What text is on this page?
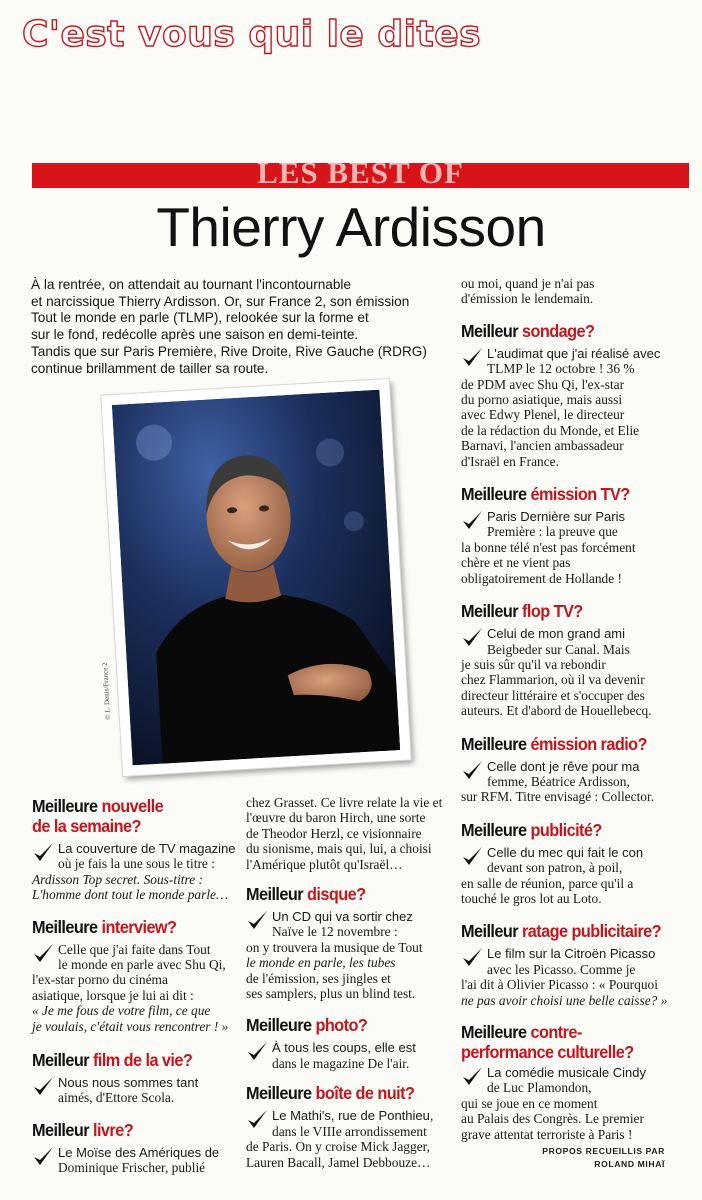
C'est vous qui le dites
LES BEST OF
Thierry Ardisson
À la rentrée, on attendait au tournant l'incontournable
et narcissique Thierry Ardisson. Or, sur France 2, son émission
Tout le monde en parle (TLMP), relookée sur la forme et
sur le fond, redécolle après une saison en demi-teinte.
Tandis que sur Paris Première, Rive Droite, Rive Gauche (RDRG)
continue brillamment de tailler sa route.
© L. Denis/France 2
Meilleure nouvelle
de la semaine?
La couverture de TV magazine
où je fais la une sous le titre :
Ardisson Top secret. Sous-titre :
L'homme dont tout le monde parle…
Meilleure interview?
Celle que j'ai faite dans Tout
le monde en parle avec Shu Qi,
l'ex-star porno du cinéma
asiatique, lorsque je lui ai dit :
« Je me fous de votre film, ce que
je voulais, c'était vous rencontrer ! »
Meilleur film de la vie?
Nous nous sommes tant
aimés, d'Ettore Scola.
Meilleur livre?
Le Moïse des Amériques de
Dominique Frischer, publié
chez Grasset. Ce livre relate la vie et
l'œuvre du baron Hirch, une sorte
de Theodor Herzl, ce visionnaire
du sionisme, mais qui, lui, a choisi
l'Amérique plutôt qu'Israël…
Meilleur disque?
Un CD qui va sortir chez
Naïve le 12 novembre :
on y trouvera la musique de Tout
le monde en parle, les tubes
de l'émission, ses jingles et
ses samplers, plus un blind test.
Meilleure photo?
À tous les coups, elle est
dans le magazine De l'air.
Meilleure boîte de nuit?
Le Mathi's, rue de Ponthieu,
dans le VIIIe arrondissement
de Paris. On y croise Mick Jagger,
Lauren Bacall, Jamel Debbouze…
ou moi, quand je n'ai pas
d'émission le lendemain.
Meilleur sondage?
L'audimat que j'ai réalisé avec
TLMP le 12 octobre ! 36 %
de PDM avec Shu Qi, l'ex-star
du porno asiatique, mais aussi
avec Edwy Plenel, le directeur
de la rédaction du Monde, et Elie
Barnavi, l'ancien ambassadeur
d'Israël en France.
Meilleure émission TV?
Paris Dernière sur Paris
Première : la preuve que
la bonne télé n'est pas forcément
chère et ne vient pas
obligatoirement de Hollande !
Meilleur flop TV?
Celui de mon grand ami
Beigbeder sur Canal. Mais
je suis sûr qu'il va rebondir
chez Flammarion, où il va devenir
directeur littéraire et s'occuper des
auteurs. Et d'abord de Houellebecq.
Meilleure émission radio?
Celle dont je rêve pour ma
femme, Béatrice Ardisson,
sur RFM. Titre envisagé : Collector.
Meilleure publicité?
Celle du mec qui fait le con
devant son patron, à poil,
en salle de réunion, parce qu'il a
touché le gros lot au Loto.
Meilleur ratage publicitaire?
Le film sur la Citroën Picasso
avec les Picasso. Comme je
l'ai dit à Olivier Picasso : « Pourquoi
ne pas avoir choisi une belle caisse? »
Meilleure contre-
performance culturelle?
La comédie musicale Cindy
de Luc Plamondon,
qui se joue en ce moment
au Palais des Congrès. Le premier
grave attentat terroriste à Paris !
PROPOS RECUEILLIS PAR
ROLAND MIHAÏ
